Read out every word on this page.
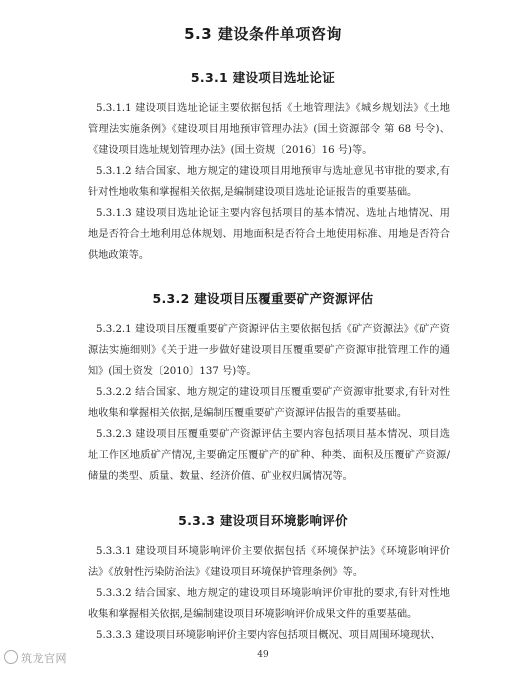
5.3 建设条件单项咨询
5.3.1 建设项目选址论证

5.3.1.1 建设项目选址论证主要依据包括《土地管理法》《城乡规划法》《土地管理法实施条例》《建设项目用地预审管理办法》(国土资源部令 第 68 号令)、《建设项目选址规划管理办法》(国土资规〔2016〕16 号)等。

5.3.1.2 结合国家、地方规定的建设项目用地预审与选址意见书审批的要求,有针对性地收集和掌握相关依据,是编制建设项目选址论证报告的重要基础。

5.3.1.3 建设项目选址论证主要内容包括项目的基本情况、选址占地情况、用地是否符合土地利用总体规划、用地面积是否符合土地使用标准、用地是否符合供地政策等。

5.3.2 建设项目压覆重要矿产资源评估

5.3.2.1 建设项目压覆重要矿产资源评估主要依据包括《矿产资源法》《矿产资源法实施细则》《关于进一步做好建设项目压覆重要矿产资源审批管理工作的通知》(国土资发〔2010〕137 号)等。

5.3.2.2 结合国家、地方规定的建设项目压覆重要矿产资源审批要求,有针对性地收集和掌握相关依据,是编制压覆重要矿产资源评估报告的重要基础。

5.3.2.3 建设项目压覆重要矿产资源评估主要内容包括项目基本情况、项目选址工作区地质矿产情况,主要确定压覆矿产的矿种、种类、面积及压覆矿产资源/储量的类型、质量、数量、经济价值、矿业权归属情况等。

5.3.3 建设项目环境影响评价

5.3.3.1 建设项目环境影响评价主要依据包括《环境保护法》《环境影响评价法》《放射性污染防治法》《建设项目环境保护管理条例》等。

5.3.3.2 结合国家、地方规定的建设项目环境影响评价审批的要求,有针对性地收集和掌握相关依据,是编制建设项目环境影响评价成果文件的重要基础。

5.3.3.3 建设项目环境影响评价主要内容包括项目概况、项目周围环境现状、

49
筑龙官网
